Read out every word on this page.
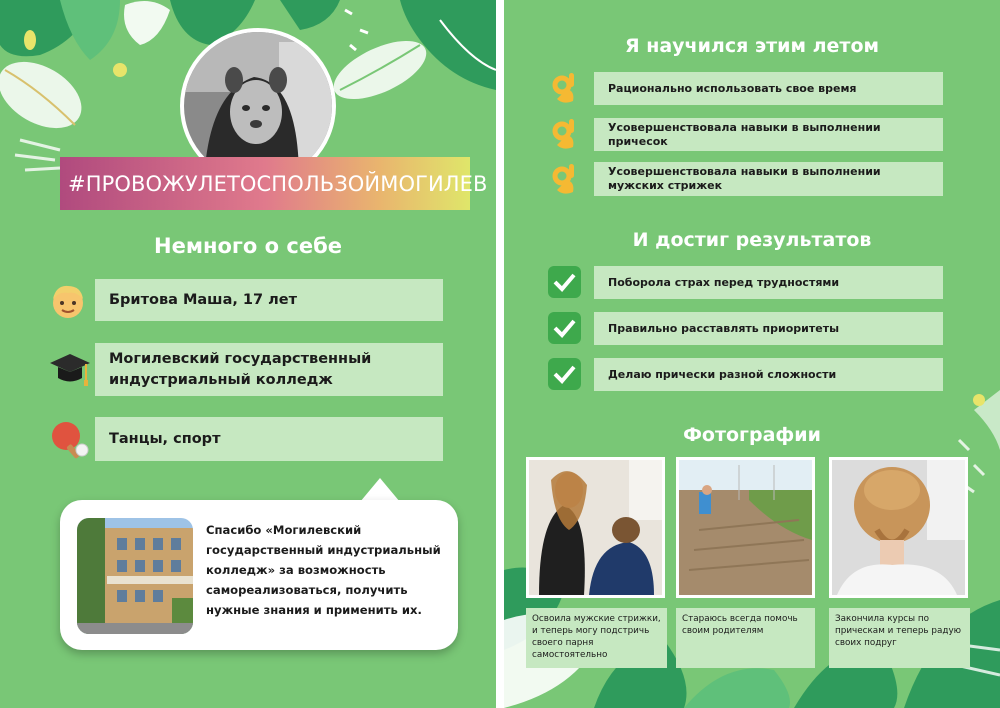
#ПРОВОЖУЛЕТОСПОЛЬЗОЙМОГИЛЕВ
Немного о себе
Бритова Маша, 17 лет
Могилевский государственный индустриальный колледж
Танцы, спорт
Спасибо «Могилевский государственный индустриальный колледж» за возможность самореализоваться, получить нужные знания и применить их.
Я научился этим летом
Рационально использовать свое время
Усовершенствовала навыки в выполнении причесок
Усовершенствовала навыки в выполнении мужских стрижек
И достиг результатов
Поборола страх перед трудностями
Правильно расставлять приоритеты
Делаю прически разной сложности
Фотографии
Освоила мужские стрижки, и теперь могу подстричь своего парня самостоятельно
Стараюсь всегда помочь своим родителям
Закончила курсы по прическам и теперь радую своих подруг
